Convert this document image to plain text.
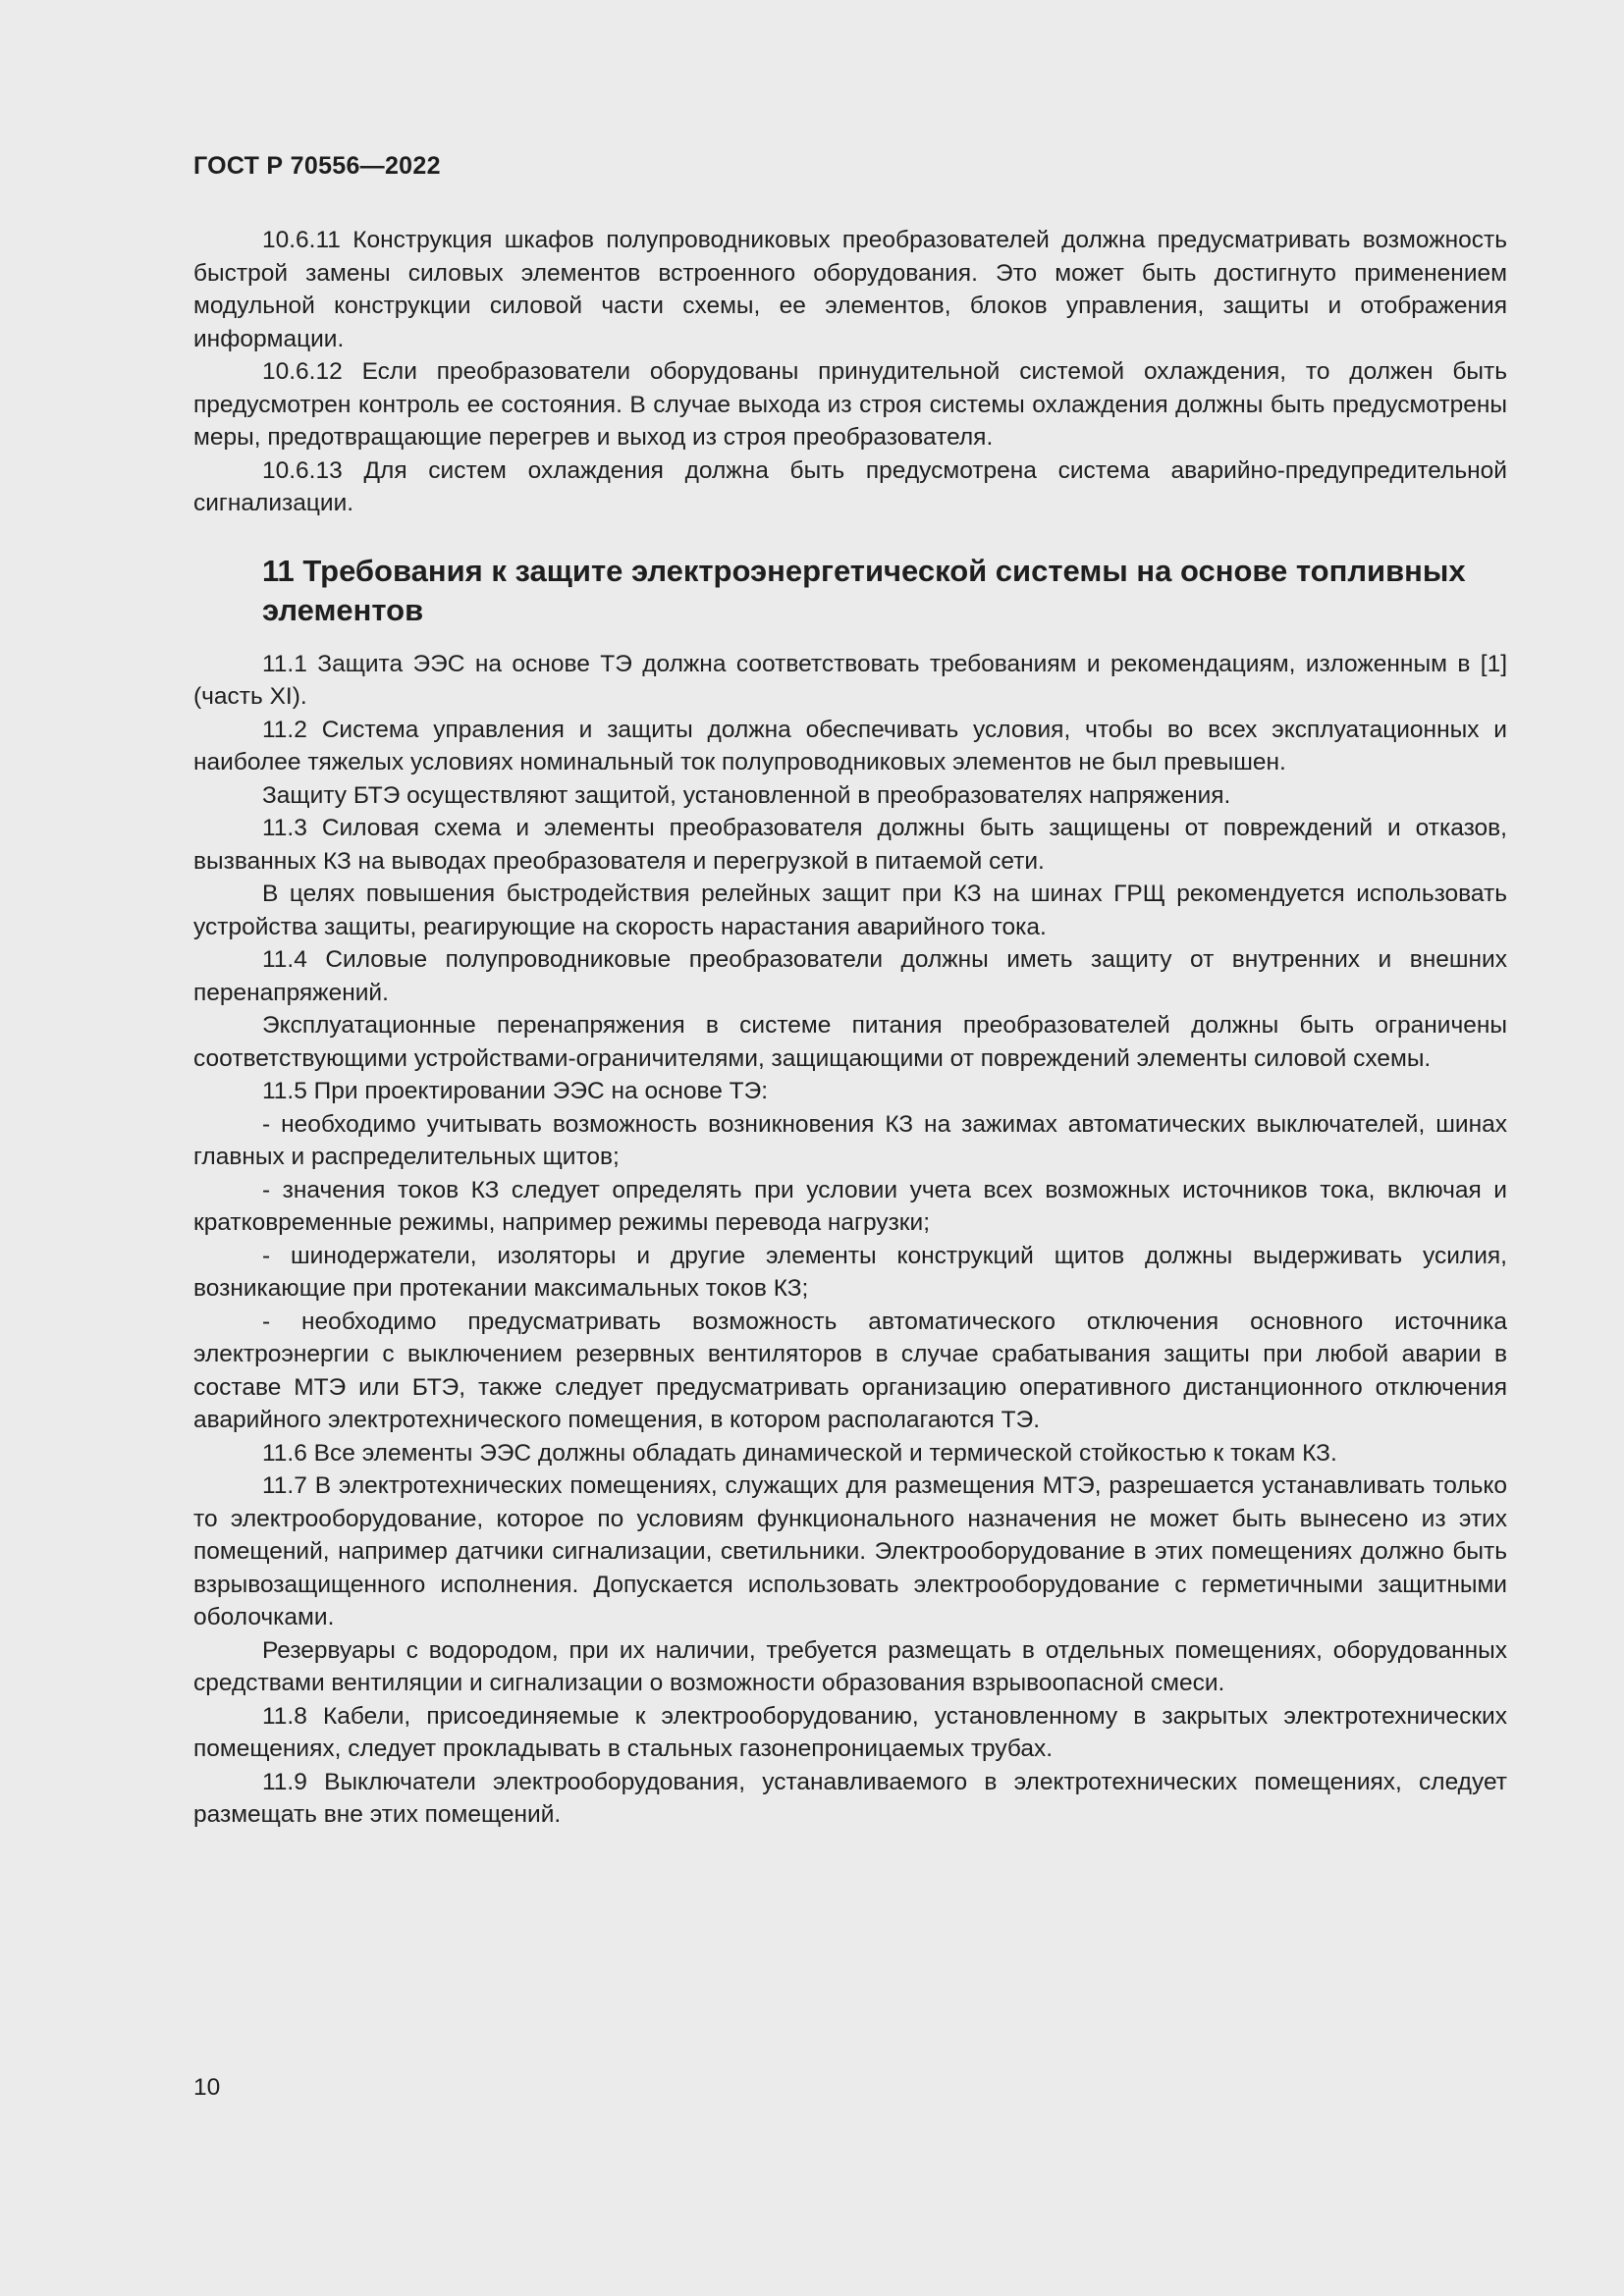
ГОСТ Р 70556—2022

10.6.11 Конструкция шкафов полупроводниковых преобразователей должна предусматривать возможность быстрой замены силовых элементов встроенного оборудования. Это может быть достигнуто применением модульной конструкции силовой части схемы, ее элементов, блоков управления, защиты и отображения информации.

10.6.12 Если преобразователи оборудованы принудительной системой охлаждения, то должен быть предусмотрен контроль ее состояния. В случае выхода из строя системы охлаждения должны быть предусмотрены меры, предотвращающие перегрев и выход из строя преобразователя.

10.6.13 Для систем охлаждения должна быть предусмотрена система аварийно-предупредительной сигнализации.

11 Требования к защите электроэнергетической системы на основе топливных элементов

11.1 Защита ЭЭС на основе ТЭ должна соответствовать требованиям и рекомендациям, изложенным в [1] (часть XI).

11.2 Система управления и защиты должна обеспечивать условия, чтобы во всех эксплуатационных и наиболее тяжелых условиях номинальный ток полупроводниковых элементов не был превышен.

Защиту БТЭ осуществляют защитой, установленной в преобразователях напряжения.

11.3 Силовая схема и элементы преобразователя должны быть защищены от повреждений и отказов, вызванных КЗ на выводах преобразователя и перегрузкой в питаемой сети.

В целях повышения быстродействия релейных защит при КЗ на шинах ГРЩ рекомендуется использовать устройства защиты, реагирующие на скорость нарастания аварийного тока.

11.4 Силовые полупроводниковые преобразователи должны иметь защиту от внутренних и внешних перенапряжений.

Эксплуатационные перенапряжения в системе питания преобразователей должны быть ограничены соответствующими устройствами-ограничителями, защищающими от повреждений элементы силовой схемы.

11.5 При проектировании ЭЭС на основе ТЭ:

- необходимо учитывать возможность возникновения КЗ на зажимах автоматических выключателей, шинах главных и распределительных щитов;

- значения токов КЗ следует определять при условии учета всех возможных источников тока, включая и кратковременные режимы, например режимы перевода нагрузки;

- шинодержатели, изоляторы и другие элементы конструкций щитов должны выдерживать усилия, возникающие при протекании максимальных токов КЗ;

- необходимо предусматривать возможность автоматического отключения основного источника электроэнергии с выключением резервных вентиляторов в случае срабатывания защиты при любой аварии в составе МТЭ или БТЭ, также следует предусматривать организацию оперативного дистанционного отключения аварийного электротехнического помещения, в котором располагаются ТЭ.

11.6 Все элементы ЭЭС должны обладать динамической и термической стойкостью к токам КЗ.

11.7 В электротехнических помещениях, служащих для размещения МТЭ, разрешается устанавливать только то электрооборудование, которое по условиям функционального назначения не может быть вынесено из этих помещений, например датчики сигнализации, светильники. Электрооборудование в этих помещениях должно быть взрывозащищенного исполнения. Допускается использовать электрооборудование с герметичными защитными оболочками.

Резервуары с водородом, при их наличии, требуется размещать в отдельных помещениях, оборудованных средствами вентиляции и сигнализации о возможности образования взрывоопасной смеси.

11.8 Кабели, присоединяемые к электрооборудованию, установленному в закрытых электротехнических помещениях, следует прокладывать в стальных газонепроницаемых трубах.

11.9 Выключатели электрооборудования, устанавливаемого в электротехнических помещениях, следует размещать вне этих помещений.

10
